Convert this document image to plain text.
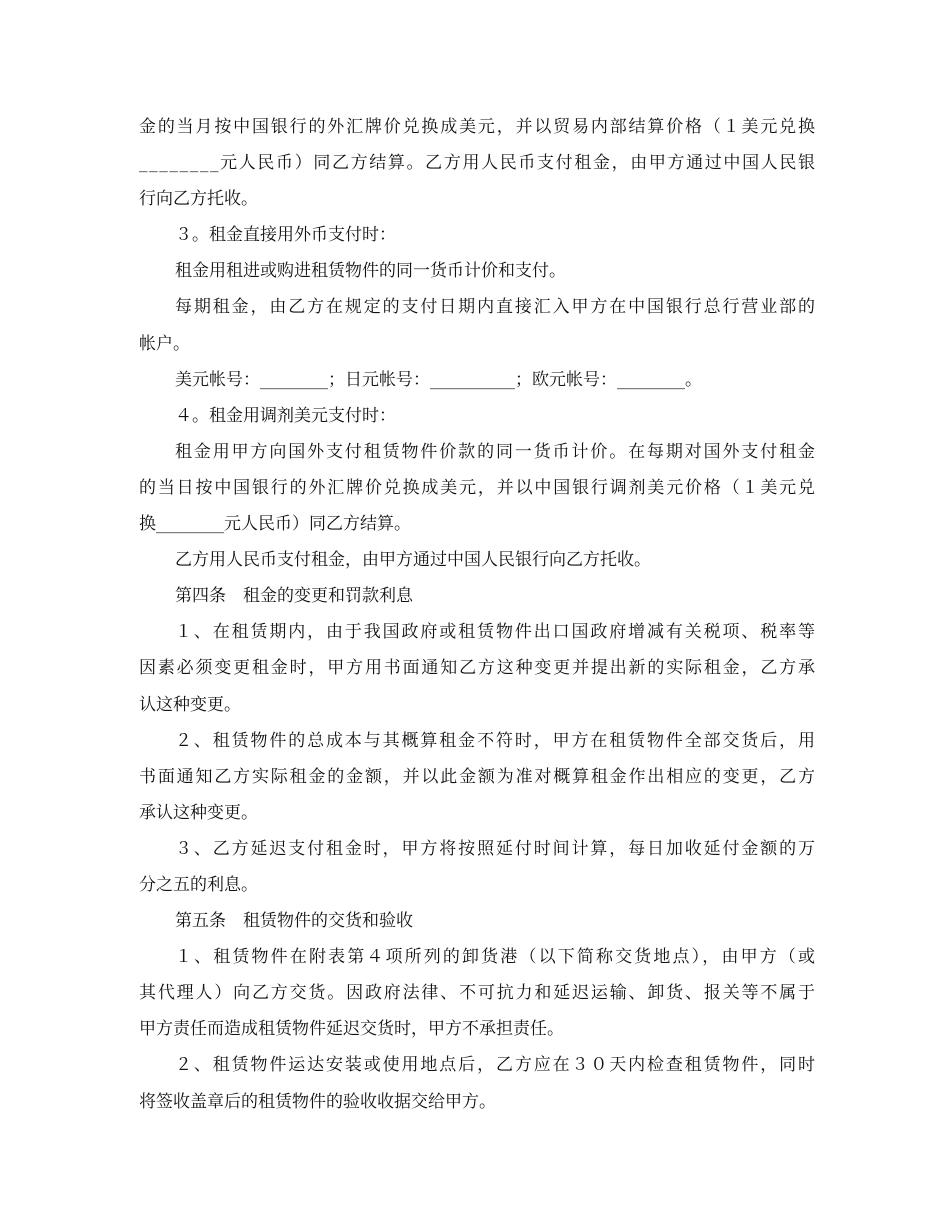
金的当月按中国银行的外汇牌价兑换成美元，并以贸易内部结算价格（１美元兑换
________元人民币）同乙方结算。乙方用人民币支付租金，由甲方通过中国人民银
行向乙方托收。
３。租金直接用外币支付时：
租金用租进或购进租赁物件的同一货币计价和支付。
每期租金，由乙方在规定的支付日期内直接汇入甲方在中国银行总行营业部的
帐户。
美元帐号：________；日元帐号：__________；欧元帐号：________。
４。租金用调剂美元支付时：
租金用甲方向国外支付租赁物件价款的同一货币计价。在每期对国外支付租金
的当日按中国银行的外汇牌价兑换成美元，并以中国银行调剂美元价格（１美元兑
换________元人民币）同乙方结算。
乙方用人民币支付租金，由甲方通过中国人民银行向乙方托收。
第四条　租金的变更和罚款利息
１、在租赁期内，由于我国政府或租赁物件出口国政府增减有关税项、税率等
因素必须变更租金时，甲方用书面通知乙方这种变更并提出新的实际租金，乙方承
认这种变更。
２、租赁物件的总成本与其概算租金不符时，甲方在租赁物件全部交货后，用
书面通知乙方实际租金的金额，并以此金额为准对概算租金作出相应的变更，乙方
承认这种变更。
３、乙方延迟支付租金时，甲方将按照延付时间计算，每日加收延付金额的万
分之五的利息。
第五条　租赁物件的交货和验收
１、租赁物件在附表第４项所列的卸货港（以下简称交货地点），由甲方（或
其代理人）向乙方交货。因政府法律、不可抗力和延迟运输、卸货、报关等不属于
甲方责任而造成租赁物件延迟交货时，甲方不承担责任。
２、租赁物件运达安装或使用地点后，乙方应在３０天内检查租赁物件，同时
将签收盖章后的租赁物件的验收收据交给甲方。
